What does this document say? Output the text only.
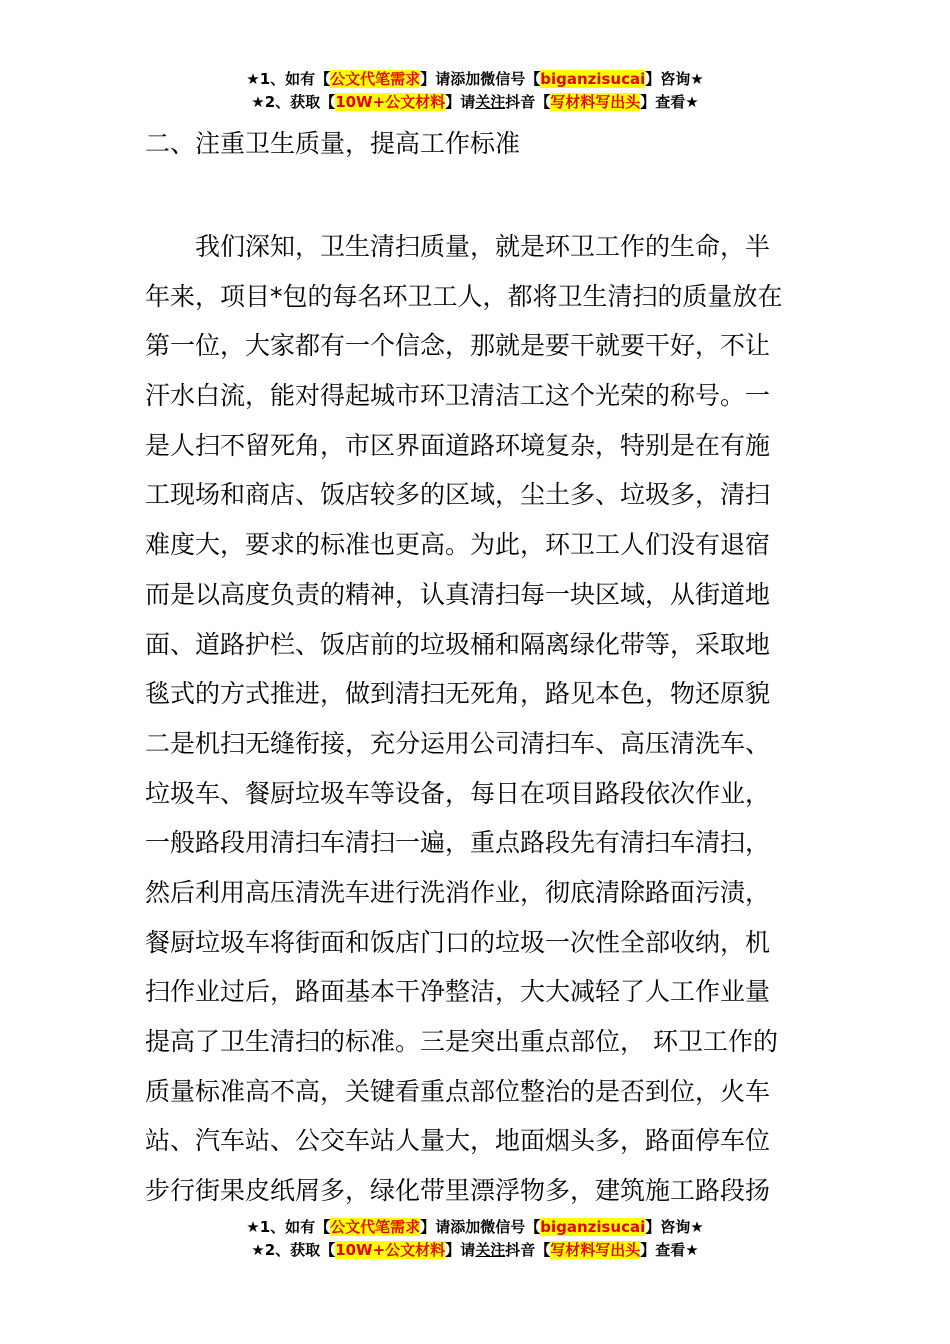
★1、如有【公文代笔需求】请添加微信号【biganzisucai】咨询★
★2、获取【10W+公文材料】请关注抖音【写材料写出头】查看★
二、注重卫生质量，提高工作标准
我们深知，卫生清扫质量，就是环卫工作的生命，半
年来，项目*包的每名环卫工人，都将卫生清扫的质量放在
第一位，大家都有一个信念，那就是要干就要干好，不让
汗水白流，能对得起城市环卫清洁工这个光荣的称号。一
是人扫不留死角，市区界面道路环境复杂，特别是在有施
工现场和商店、饭店较多的区域，尘土多、垃圾多，清扫
难度大，要求的标准也更高。为此，环卫工人们没有退宿
而是以高度负责的精神，认真清扫每一块区域，从街道地
面、道路护栏、饭店前的垃圾桶和隔离绿化带等，采取地
毯式的方式推进，做到清扫无死角，路见本色，物还原貌
二是机扫无缝衔接，充分运用公司清扫车、高压清洗车、
垃圾车、餐厨垃圾车等设备，每日在项目路段依次作业，
一般路段用清扫车清扫一遍，重点路段先有清扫车清扫，
然后利用高压清洗车进行洗消作业，彻底清除路面污渍，
餐厨垃圾车将街面和饭店门口的垃圾一次性全部收纳，机
扫作业过后，路面基本干净整洁，大大减轻了人工作业量
提高了卫生清扫的标准。三是突出重点部位， 环卫工作的
质量标准高不高，关键看重点部位整治的是否到位，火车
站、汽车站、公交车站人量大，地面烟头多，路面停车位
步行街果皮纸屑多，绿化带里漂浮物多，建筑施工路段扬
★1、如有【公文代笔需求】请添加微信号【biganzisucai】咨询★
★2、获取【10W+公文材料】请关注抖音【写材料写出头】查看★
